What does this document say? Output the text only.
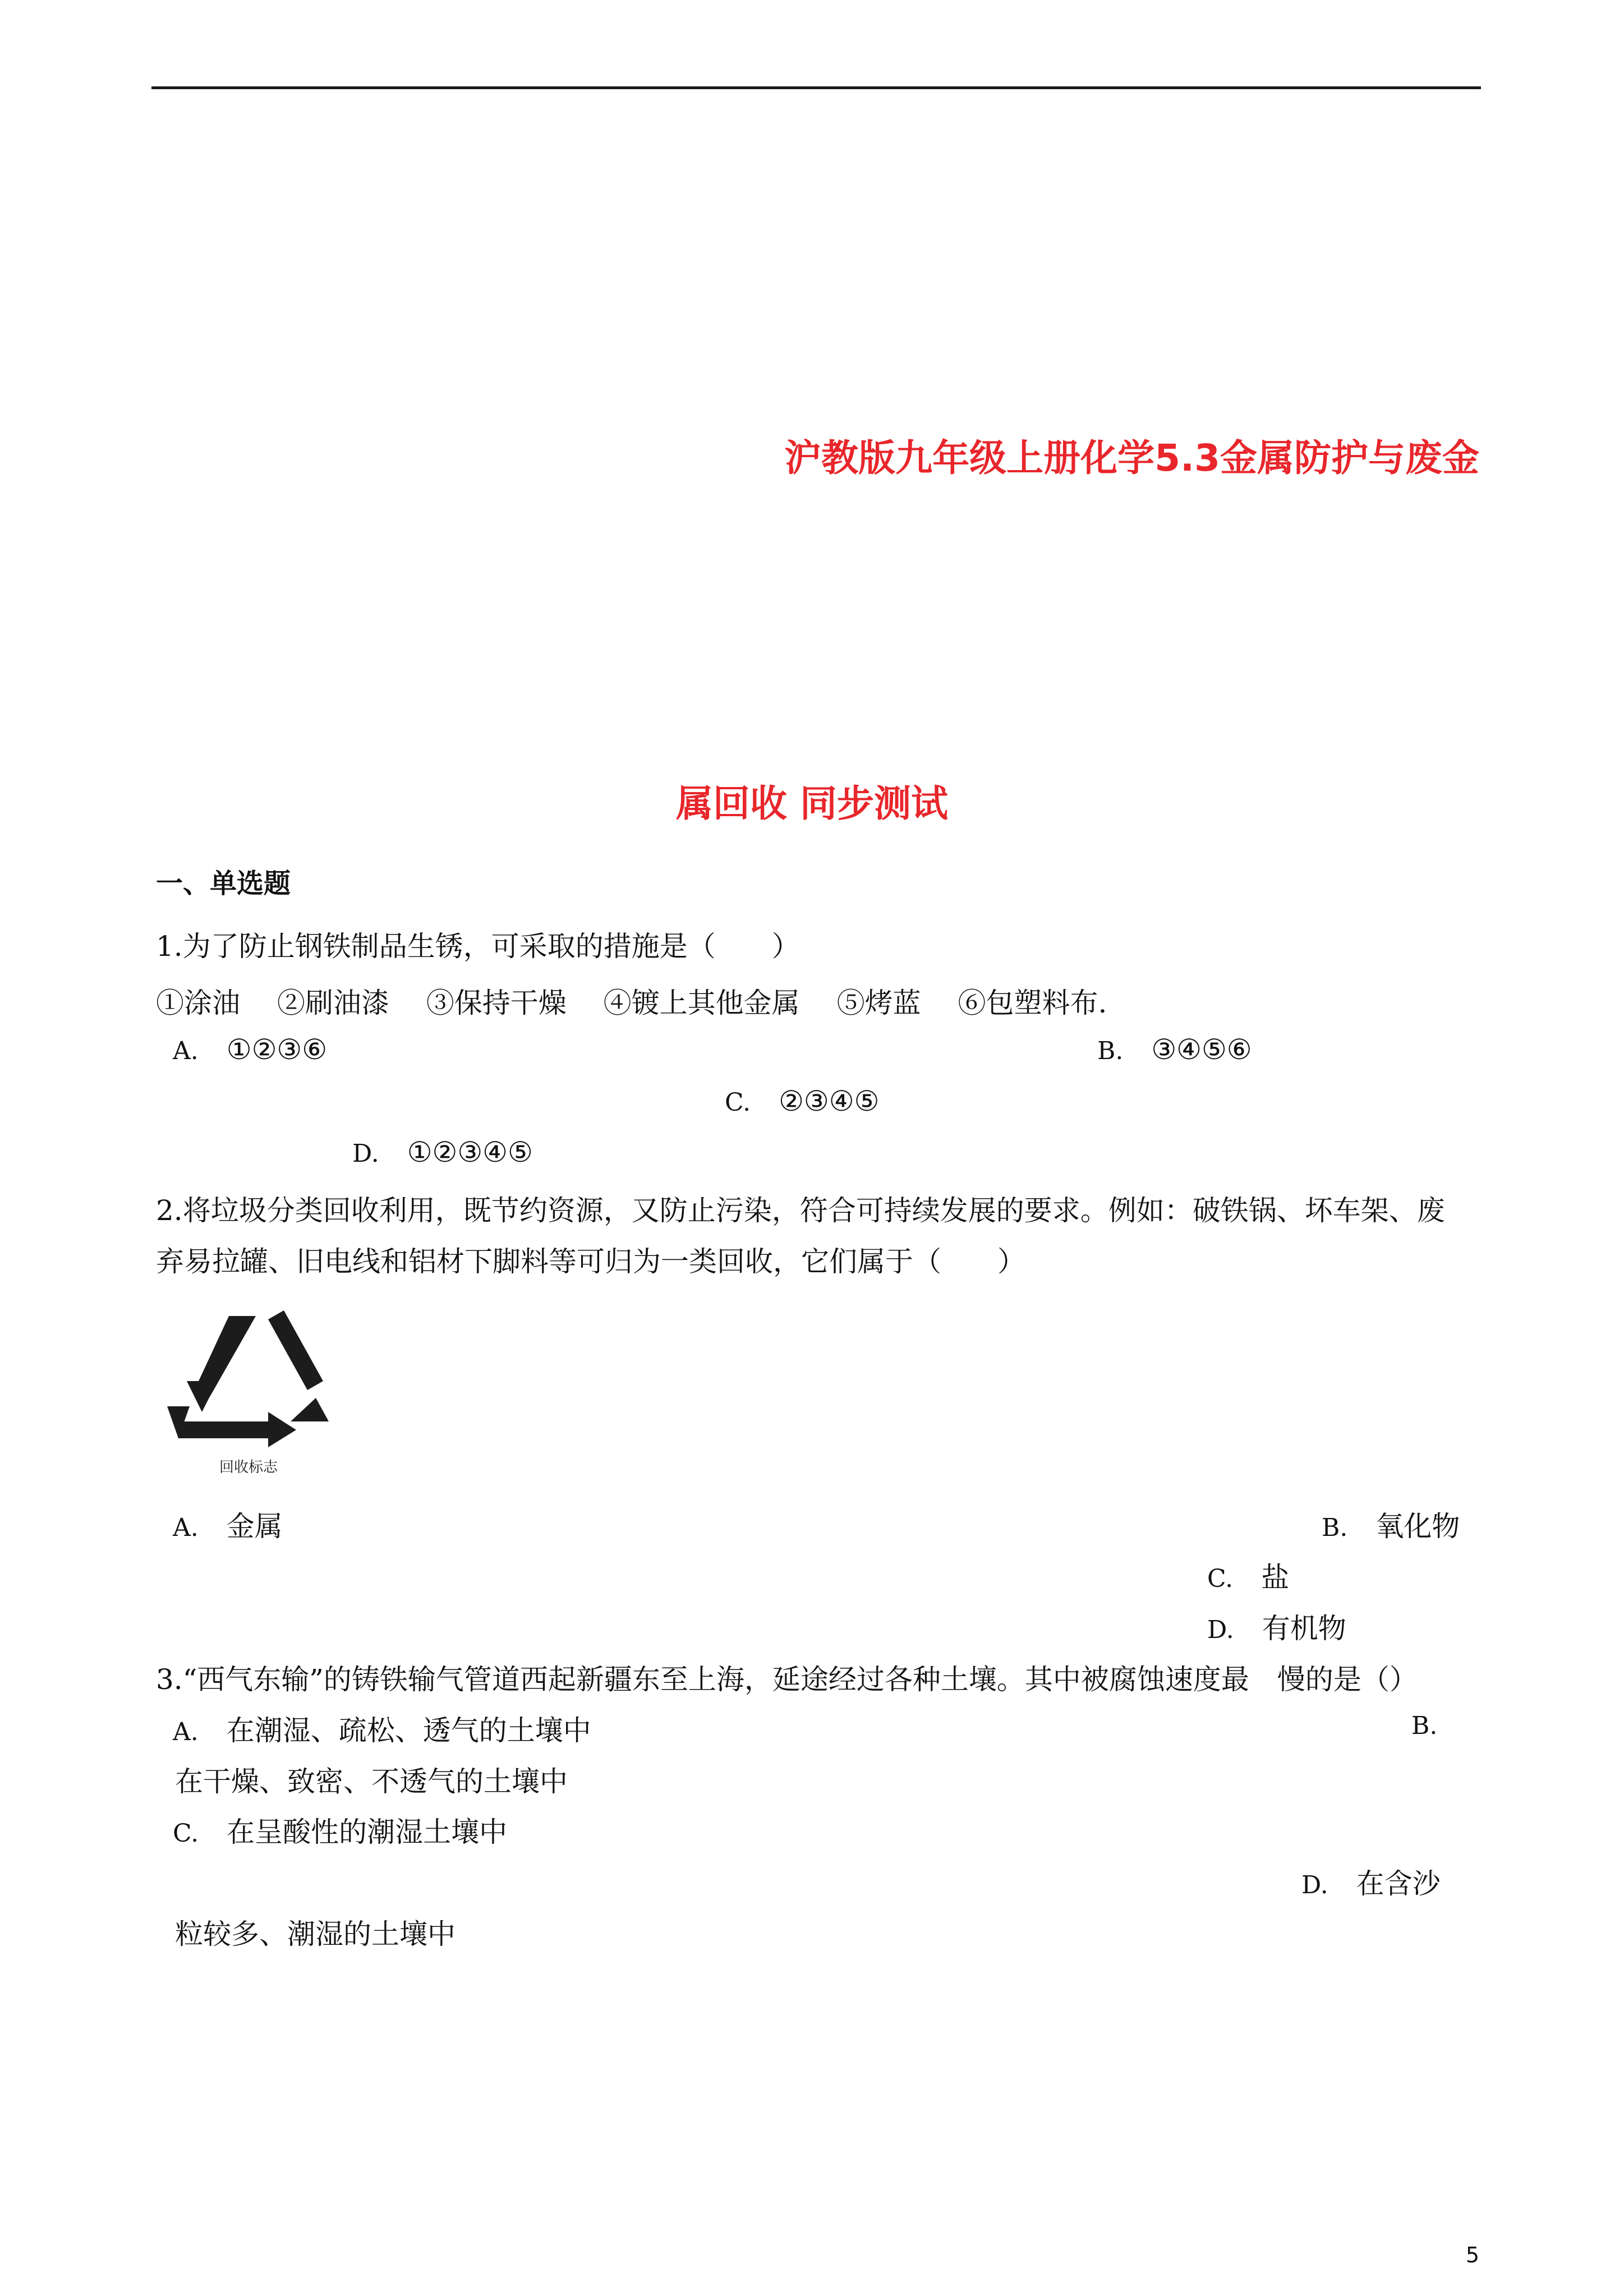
沪教版九年级上册化学5.3金属防护与废金
属回收 同步测试
一、单选题
1.为了防止钢铁制品生锈，可采取的措施是（　　）
①涂油　 ②刷油漆　 ③保持干燥　 ④镀上其他金属　 ⑤烤蓝　 ⑥包塑料布.
A. ①②③⑥	B. ③④⑤⑥
C. ②③④⑤
D. ①②③④⑤
2.将垃圾分类回收利用，既节约资源，又防止污染，符合可持续发展的要求。例如：破铁锅、坏车架、废
弃易拉罐、旧电线和铝材下脚料等可归为一类回收，它们属于（　　）
回收标志
A. 金属	B. 氧化物
C. 盐
D. 有机物
3.“西气东输”的铸铁输气管道西起新疆东至上海，延途经过各种土壤。其中被腐蚀速度最　慢的是（）
A. 在潮湿、疏松、透气的土壤中	B.
在干燥、致密、不透气的土壤中
C. 在呈酸性的潮湿土壤中
D. 在含沙
粒较多、潮湿的土壤中
5
